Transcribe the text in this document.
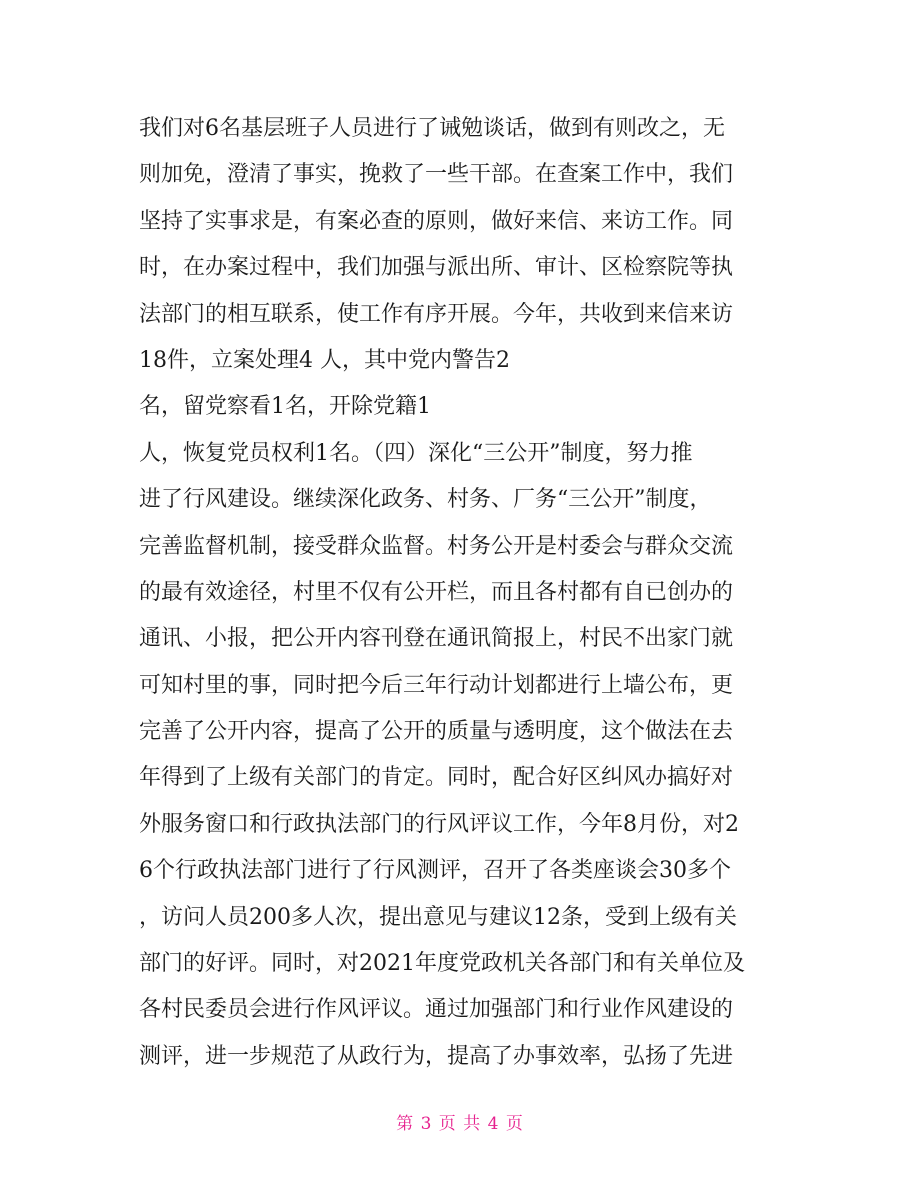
我们对6名基层班子人员进行了诫勉谈话，做到有则改之，无
则加免，澄清了事实，挽救了一些干部。在查案工作中，我们
坚持了实事求是，有案必查的原则，做好来信、来访工作。同
时，在办案过程中，我们加强与派出所、审计、区检察院等执
法部门的相互联系，使工作有序开展。今年，共收到来信来访
18件，立案处理4 人，其中党内警告2
名，留党察看1名，开除党籍1
人，恢复党员权利1名。（四）深化“三公开”制度，努力推
进了行风建设。继续深化政务、村务、厂务“三公开”制度，
完善监督机制，接受群众监督。村务公开是村委会与群众交流
的最有效途径，村里不仅有公开栏，而且各村都有自已创办的
通讯、小报，把公开内容刊登在通讯简报上，村民不出家门就
可知村里的事，同时把今后三年行动计划都进行上墙公布，更
完善了公开内容，提高了公开的质量与透明度，这个做法在去
年得到了上级有关部门的肯定。同时，配合好区纠风办搞好对
外服务窗口和行政执法部门的行风评议工作，今年8月份，对2
6个行政执法部门进行了行风测评，召开了各类座谈会30多个
，访问人员200多人次，提出意见与建议12条，受到上级有关
部门的好评。同时，对2021年度党政机关各部门和有关单位及
各村民委员会进行作风评议。通过加强部门和行业作风建设的
测评，进一步规范了从政行为，提高了办事效率，弘扬了先进
第 3 页 共 4 页
